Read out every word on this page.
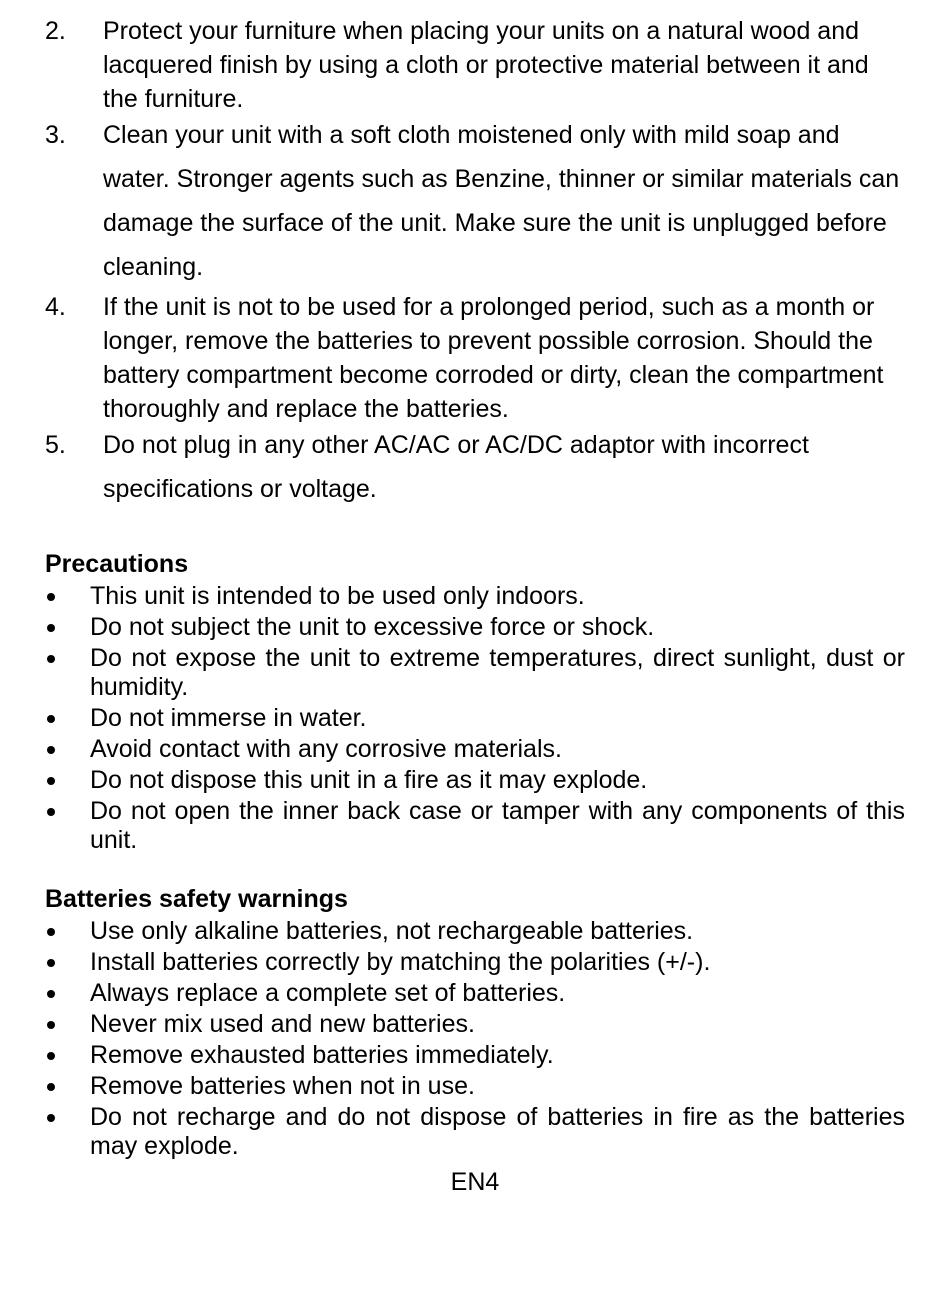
2.	Protect your furniture when placing your units on a natural wood and lacquered finish by using a cloth or protective material between it and the furniture.
3.	Clean your unit with a soft cloth moistened only with mild soap and water. Stronger agents such as Benzine, thinner or similar materials can damage the surface of the unit. Make sure the unit is unplugged before cleaning.
4.	If the unit is not to be used for a prolonged period, such as a month or longer, remove the batteries to prevent possible corrosion. Should the battery compartment become corroded or dirty, clean the compartment thoroughly and replace the batteries.
5.	Do not plug in any other AC/AC or AC/DC adaptor with incorrect specifications or voltage.
Precautions
This unit is intended to be used only indoors.
Do not subject the unit to excessive force or shock.
Do not expose the unit to extreme temperatures, direct sunlight, dust or humidity.
Do not immerse in water.
Avoid contact with any corrosive materials.
Do not dispose this unit in a fire as it may explode.
Do not open the inner back case or tamper with any components of this unit.
Batteries safety warnings
Use only alkaline batteries, not rechargeable batteries.
Install batteries correctly by matching the polarities (+/-).
Always replace a complete set of batteries.
Never mix used and new batteries.
Remove exhausted batteries immediately.
Remove batteries when not in use.
Do not recharge and do not dispose of batteries in fire as the batteries may explode.
EN4
